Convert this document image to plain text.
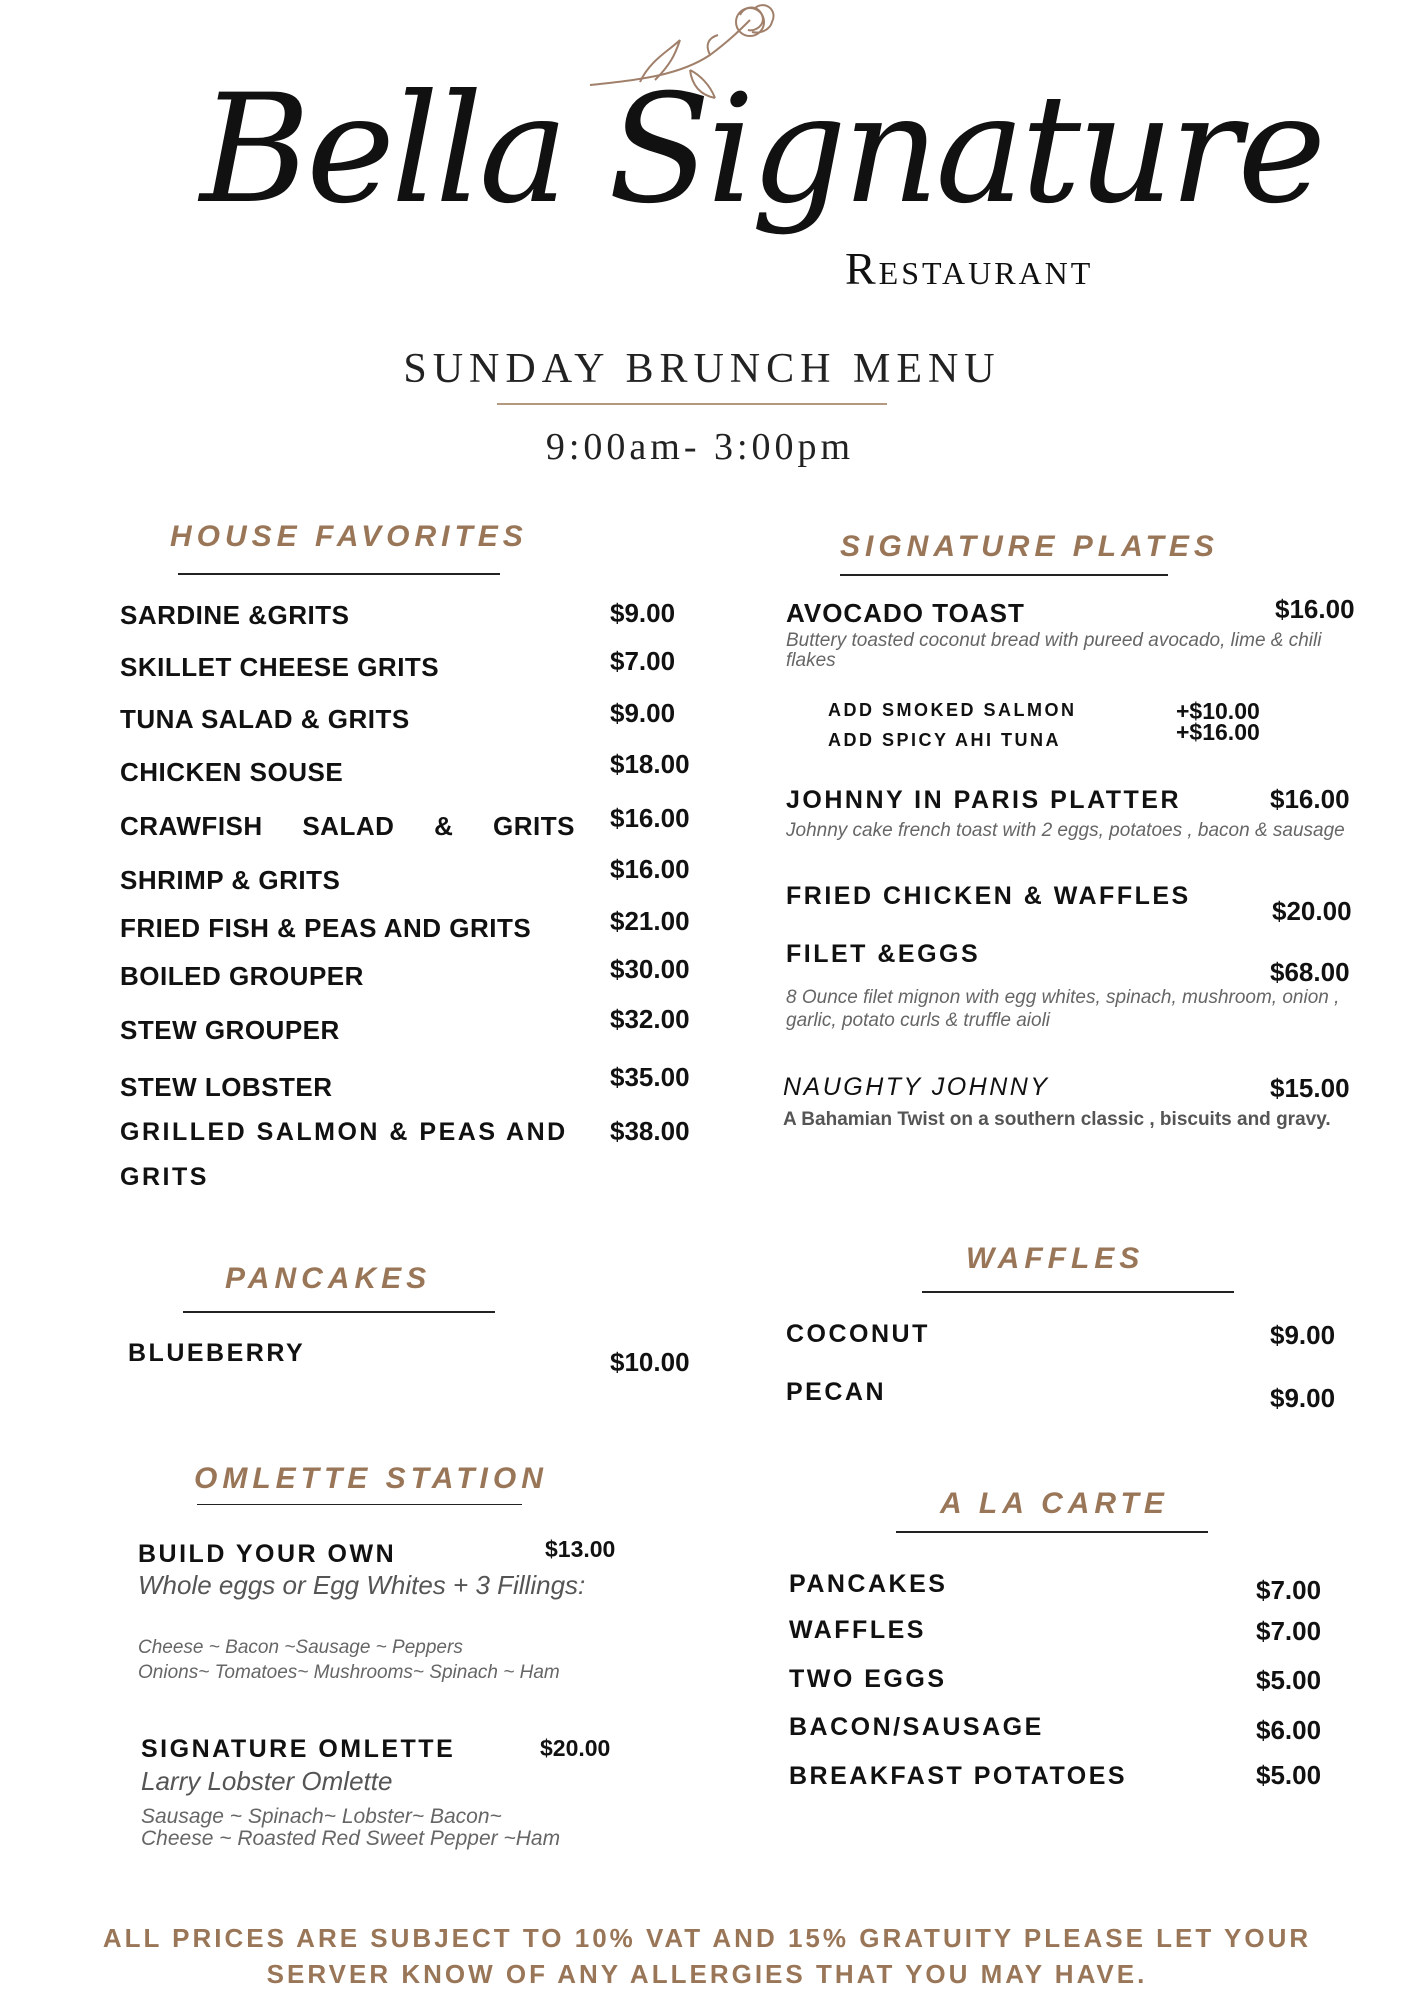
Bella Signature
Restaurant
SUNDAY BRUNCH MENU
9:00am- 3:00pm
HOUSE FAVORITES
SARDINE &GRITS	$9.00
SKILLET CHEESE GRITS	$7.00
TUNA SALAD & GRITS	$9.00
CHICKEN SOUSE	$18.00
CRAWFISH SALAD & GRITS $16.00
SHRIMP & GRITS	$16.00
FRIED FISH & PEAS AND GRITS	$21.00
BOILED GROUPER	$30.00
STEW GROUPER	$32.00
STEW LOBSTER	$35.00
GRILLED SALMON & PEAS AND
GRITS
$38.00
SIGNATURE PLATES
AVOCADO TOAST	$16.00
Buttery toasted coconut bread with pureed avocado, lime & chili flakes
ADD SMOKED SALMON	+$10.00
ADD SPICY AHI TUNA	+$16.00
JOHNNY IN PARIS PLATTER	$16.00
Johnny cake french toast with 2 eggs, potatoes , bacon & sausage
FRIED CHICKEN & WAFFLES	$20.00
FILET &EGGS
$68.00
8 Ounce filet mignon with egg whites, spinach, mushroom, onion , garlic, potato curls & truffle aioli
NAUGHTY JOHNNY	$15.00
A Bahamian Twist on a southern classic , biscuits and gravy.
PANCAKES
BLUEBERRY	$10.00
WAFFLES
COCONUT	$9.00
PECAN	$9.00
OMLETTE STATION
BUILD YOUR OWN	$13.00
Whole eggs or Egg Whites + 3 Fillings:
Cheese ~ Bacon ~Sausage ~ Peppers
Onions~ Tomatoes~ Mushrooms~ Spinach ~ Ham
SIGNATURE OMLETTE	$20.00
Larry Lobster Omlette
Sausage ~ Spinach~ Lobster~ Bacon~
Cheese ~ Roasted Red Sweet Pepper ~Ham
A LA CARTE
PANCAKES	$7.00
WAFFLES	$7.00
TWO EGGS	$5.00
BACON/SAUSAGE	$6.00
BREAKFAST POTATOES	$5.00
ALL PRICES ARE SUBJECT TO 10% VAT AND 15% GRATUITY PLEASE LET YOUR
SERVER KNOW OF ANY ALLERGIES THAT YOU MAY HAVE.
